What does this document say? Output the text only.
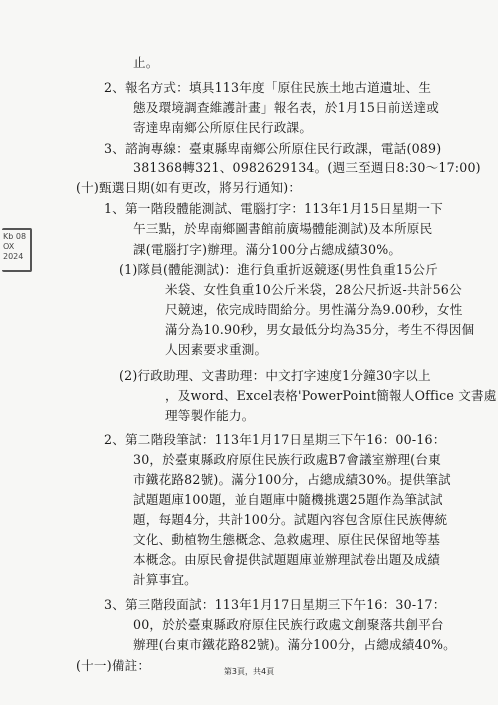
止。
2、報名方式：填具113年度「原住民族土地古道遺址、生
態及環境調查維護計畫」報名表，於1月15日前送達或
寄達卑南鄉公所原住民行政課。
3、諮詢專線：臺東縣卑南鄉公所原住民行政課，電話(089)
381368轉321、0982629134。(週三至週日8:30～17:00)
(十)甄選日期(如有更改，將另行通知)：
1、第一階段體能測試、電腦打字：113年1月15日星期一下
午三點，於卑南鄉圖書館前廣場體能測試)及本所原民
課(電腦打字)辦理。滿分100分占總成績30%。
(1)隊員(體能測試)：進行負重折返競逐(男性負重15公斤
米袋、女性負重10公斤米袋，28公尺折返-共計56公
尺競速，依完成時間給分。男性滿分為9.00秒，女性
滿分為10.90秒，男女最低分均為35分，考生不得因個
人因素要求重測。
(2)行政助理、文書助理：中文打字速度1分鐘30字以上
，及word、Excel表格'PowerPoint簡報人Office 文書處
理等製作能力。
2、第二階段筆試：113年1月17日星期三下午16：00-16：
30，於臺東縣政府原住民族行政處B7會議室辦理(台東
市鐵花路82號)。滿分100分，占總成績30%。提供筆試
試題題庫100題，並自題庫中隨機挑選25題作為筆試試
題，每題4分，共計100分。試題內容包含原住民族傳統
文化、動植物生態概念、急救處理、原住民保留地等基
本概念。由原民會提供試題題庫並辦理試卷出題及成績
計算事宜。
3、第三階段面試：113年1月17日星期三下午16：30-17：
00，於於臺東縣政府原住民族行政處文創聚落共創平台
辦理(台東市鐵花路82號)。滿分100分，占總成績40%。
(十一)備註：
Kb 08 OX 2024
第3頁，共4頁
